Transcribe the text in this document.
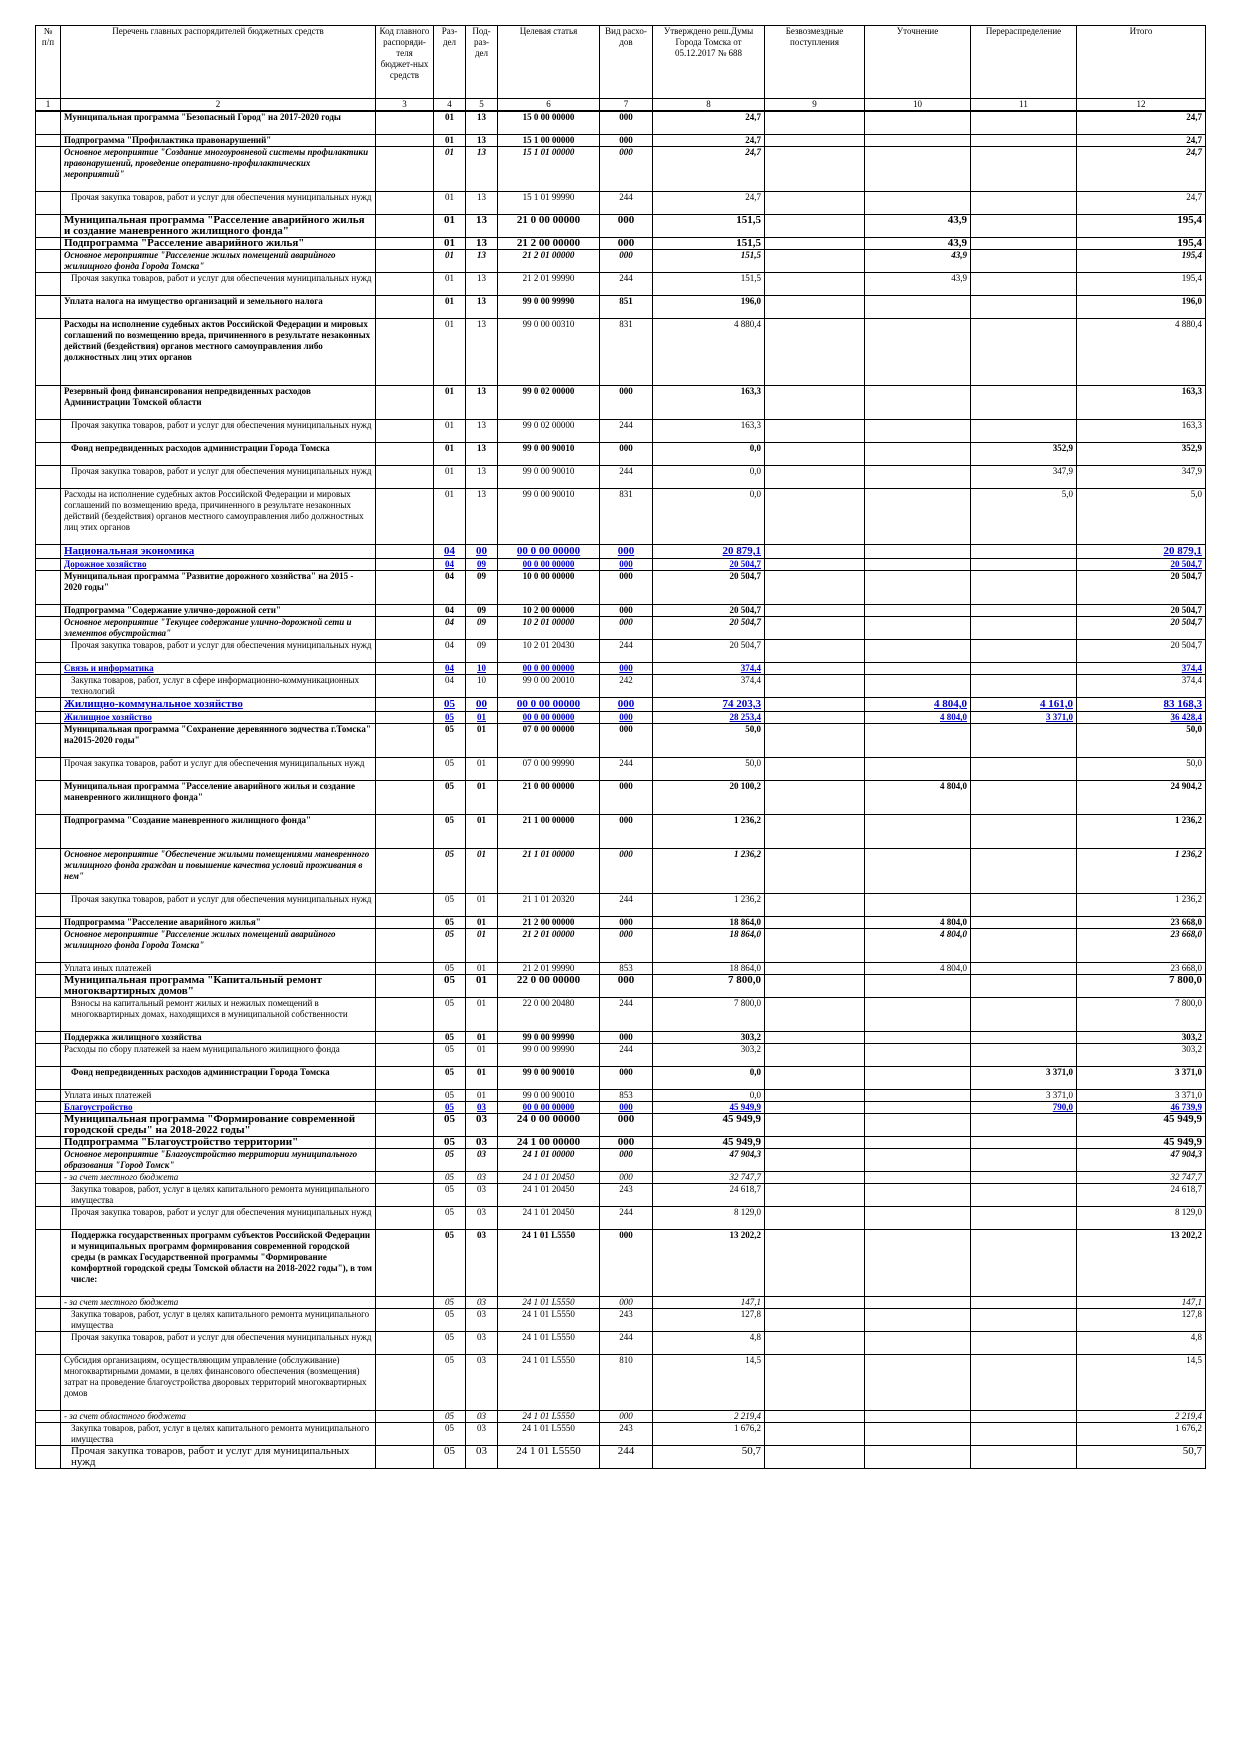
№ п/п	Перечень главных распорядителей бюджетных средств	Код главного распоряди-теля бюджет-ных средств	Раз-дел	Под-раз-дел	Целевая статья	Вид расхо-дов	Утверждено реш.Думы Города Томска от 05.12.2017 № 688	Безвозмездные поступления	Уточнение	Перераспределение	Итого
1	2	3	4	5	6	7	8	9	10	11	12
	Муниципальная программа "Безопасный Город" на 2017-2020 годы		01	13	15 0 00 00000	000	24,7				24,7
	Подпрограмма "Профилактика правонарушений"		01	13	15 1 00 00000	000	24,7				24,7
	Основное мероприятие "Создание многоуровневой системы профилактики правонарушений, проведение оперативно-профилактических мероприятий"		01	13	15 1 01 00000	000	24,7				24,7
	Прочая закупка товаров, работ и услуг для обеспечения муниципальных нужд		01	13	15 1 01 99990	244	24,7				24,7
	Муниципальная программа "Расселение аварийного жилья и создание маневренного жилищного фонда"		01	13	21 0 00 00000	000	151,5		43,9		195,4
	Подпрограмма "Расселение аварийного жилья"		01	13	21 2 00 00000	000	151,5		43,9		195,4
	Основное мероприятие "Расселение жилых помещений аварийного жилищного фонда Города Томска"		01	13	21 2 01 00000	000	151,5		43,9		195,4
	Прочая закупка товаров, работ и услуг для обеспечения муниципальных нужд		01	13	21 2 01 99990	244	151,5		43,9		195,4
	Уплата налога на имущество организаций и земельного налога		01	13	99 0 00 99990	851	196,0				196,0
	Расходы на исполнение судебных актов Российской Федерации и мировых соглашений по возмещению вреда, причиненного в результате незаконных действий (бездействия) органов местного самоуправления либо должностных лиц этих органов		01	13	99 0 00 00310	831	4 880,4				4 880,4
	Резервный фонд финансирования непредвиденных расходов Администрации Томской области		01	13	99 0 02 00000	000	163,3				163,3
	Прочая закупка товаров, работ и услуг для обеспечения муниципальных нужд		01	13	99 0 02 00000	244	163,3				163,3
	Фонд непредвиденных расходов администрации Города Томска		01	13	99 0 00 90010	000	0,0			352,9	352,9
	Прочая закупка товаров, работ и услуг для обеспечения муниципальных нужд		01	13	99 0 00 90010	244	0,0			347,9	347,9
	Расходы на исполнение судебных актов Российской Федерации и мировых соглашений по возмещению вреда, причиненного в результате незаконных действий (бездействия) органов местного самоуправления либо должностных лиц этих органов		01	13	99 0 00 90010	831	0,0			5,0	5,0
	Национальная экономика		04	00	00 0 00 00000	000	20 879,1				20 879,1
	Дорожное хозяйство		04	09	00 0 00 00000	000	20 504,7				20 504,7
	Муниципальная программа "Развитие дорожного хозяйства" на 2015 - 2020 годы"		04	09	10 0 00 00000	000	20 504,7				20 504,7
	Подпрограмма "Содержание улично-дорожной сети"		04	09	10 2 00 00000	000	20 504,7				20 504,7
	Основное мероприятие "Текущее содержание улично-дорожной сети и элементов обустройства"		04	09	10 2 01 00000	000	20 504,7				20 504,7
	Прочая закупка товаров, работ и услуг для обеспечения муниципальных нужд		04	09	10 2 01 20430	244	20 504,7				20 504,7
	Связь и информатика		04	10	00 0 00 00000	000	374,4				374,4
	Закупка товаров, работ, услуг в сфере информационно-коммуникационных технологий		04	10	99 0 00 20010	242	374,4				374,4
	Жилищно-коммунальное хозяйство		05	00	00 0 00 00000	000	74 203,3		4 804,0	4 161,0	83 168,3
	Жилищное хозяйство		05	01	00 0 00 00000	000	28 253,4		4 804,0	3 371,0	36 428,4
	Муниципальная программа "Сохранение деревянного зодчества г.Томска" на2015-2020 годы"		05	01	07 0 00 00000	000	50,0				50,0
	Прочая закупка товаров, работ и услуг для обеспечения муниципальных нужд		05	01	07 0 00 99990	244	50,0				50,0
	Муниципальная программа "Расселение аварийного жилья и создание маневренного жилищного фонда"		05	01	21 0 00 00000	000	20 100,2		4 804,0		24 904,2
	Подпрограмма "Создание маневренного жилищного фонда"		05	01	21 1 00 00000	000	1 236,2				1 236,2
	Основное мероприятие "Обеспечение жилыми помещениями маневренного жилищного фонда граждан и повышение качества условий проживания в нем"		05	01	21 1 01 00000	000	1 236,2				1 236,2
	Прочая закупка товаров, работ и услуг для обеспечения муниципальных нужд		05	01	21 1 01 20320	244	1 236,2				1 236,2
	Подпрограмма "Расселение аварийного жилья"		05	01	21 2 00 00000	000	18 864,0		4 804,0		23 668,0
	Основное мероприятие "Расселение жилых помещений аварийного жилищного фонда Города Томска"		05	01	21 2 01 00000	000	18 864,0		4 804,0		23 668,0
	Уплата иных платежей		05	01	21 2 01 99990	853	18 864,0		4 804,0		23 668,0
	Муниципальная программа "Капитальный ремонт многоквартирных домов"		05	01	22 0 00 00000	000	7 800,0				7 800,0
	Взносы на капитальный ремонт жилых и нежилых помещений в многоквартирных домах, находящихся в муниципальной собственности		05	01	22 0 00 20480	244	7 800,0				7 800,0
	Поддержка жилищного хозяйства		05	01	99 0 00 99990	000	303,2				303,2
	Расходы по сбору платежей за наем муниципального жилищного фонда		05	01	99 0 00 99990	244	303,2				303,2
	Фонд непредвиденных расходов администрации Города Томска		05	01	99 0 00 90010	000	0,0			3 371,0	3 371,0
	Уплата иных платежей		05	01	99 0 00 90010	853	0,0			3 371,0	3 371,0
	Благоустройство		05	03	00 0 00 00000	000	45 949,9			790,0	46 739,9
	Муниципальная программа "Формирование современной городской среды" на 2018-2022 годы"		05	03	24 0 00 00000	000	45 949,9				45 949,9
	Подпрограмма "Благоустройство территории"		05	03	24 1 00 00000	000	45 949,9				45 949,9
	Основное мероприятие "Благоустройство территории муниципального образования "Город Томск"		05	03	24 1 01 00000	000	47 904,3				47 904,3
	- за счет местного бюджета		05	03	24 1 01 20450	000	32 747,7				32 747,7
	Закупка товаров, работ, услуг в целях капитального ремонта муниципального имущества		05	03	24 1 01 20450	243	24 618,7				24 618,7
	Прочая закупка товаров, работ и услуг для обеспечения муниципальных нужд		05	03	24 1 01 20450	244	8 129,0				8 129,0
	Поддержка государственных программ субъектов Российской Федерации и муниципальных программ формирования современной городской среды (в рамках Государственной программы "Формирование комфортной городской среды Томской области на 2018-2022 годы"), в том числе:		05	03	24 1 01 L5550	000	13 202,2				13 202,2
	- за счет местного бюджета		05	03	24 1 01 L5550	000	147,1				147,1
	Закупка товаров, работ, услуг в целях капитального ремонта муниципального имущества		05	03	24 1 01 L5550	243	127,8				127,8
	Прочая закупка товаров, работ и услуг для обеспечения муниципальных нужд		05	03	24 1 01 L5550	244	4,8				4,8
	Субсидия организациям, осуществляющим управление (обслуживание) многоквартирными домами, в целях финансового обеспечения (возмещения) затрат на проведение благоустройства дворовых территорий многоквартирных домов		05	03	24 1 01 L5550	810	14,5				14,5
	- за счет областного бюджета		05	03	24 1 01 L5550	000	2 219,4				2 219,4
	Закупка товаров, работ, услуг в целях капитального ремонта муниципального имущества		05	03	24 1 01 L5550	243	1 676,2				1 676,2
	Прочая закупка товаров, работ и услуг для муниципальных нужд		05	03	24 1 01 L5550	244	50,7				50,7
